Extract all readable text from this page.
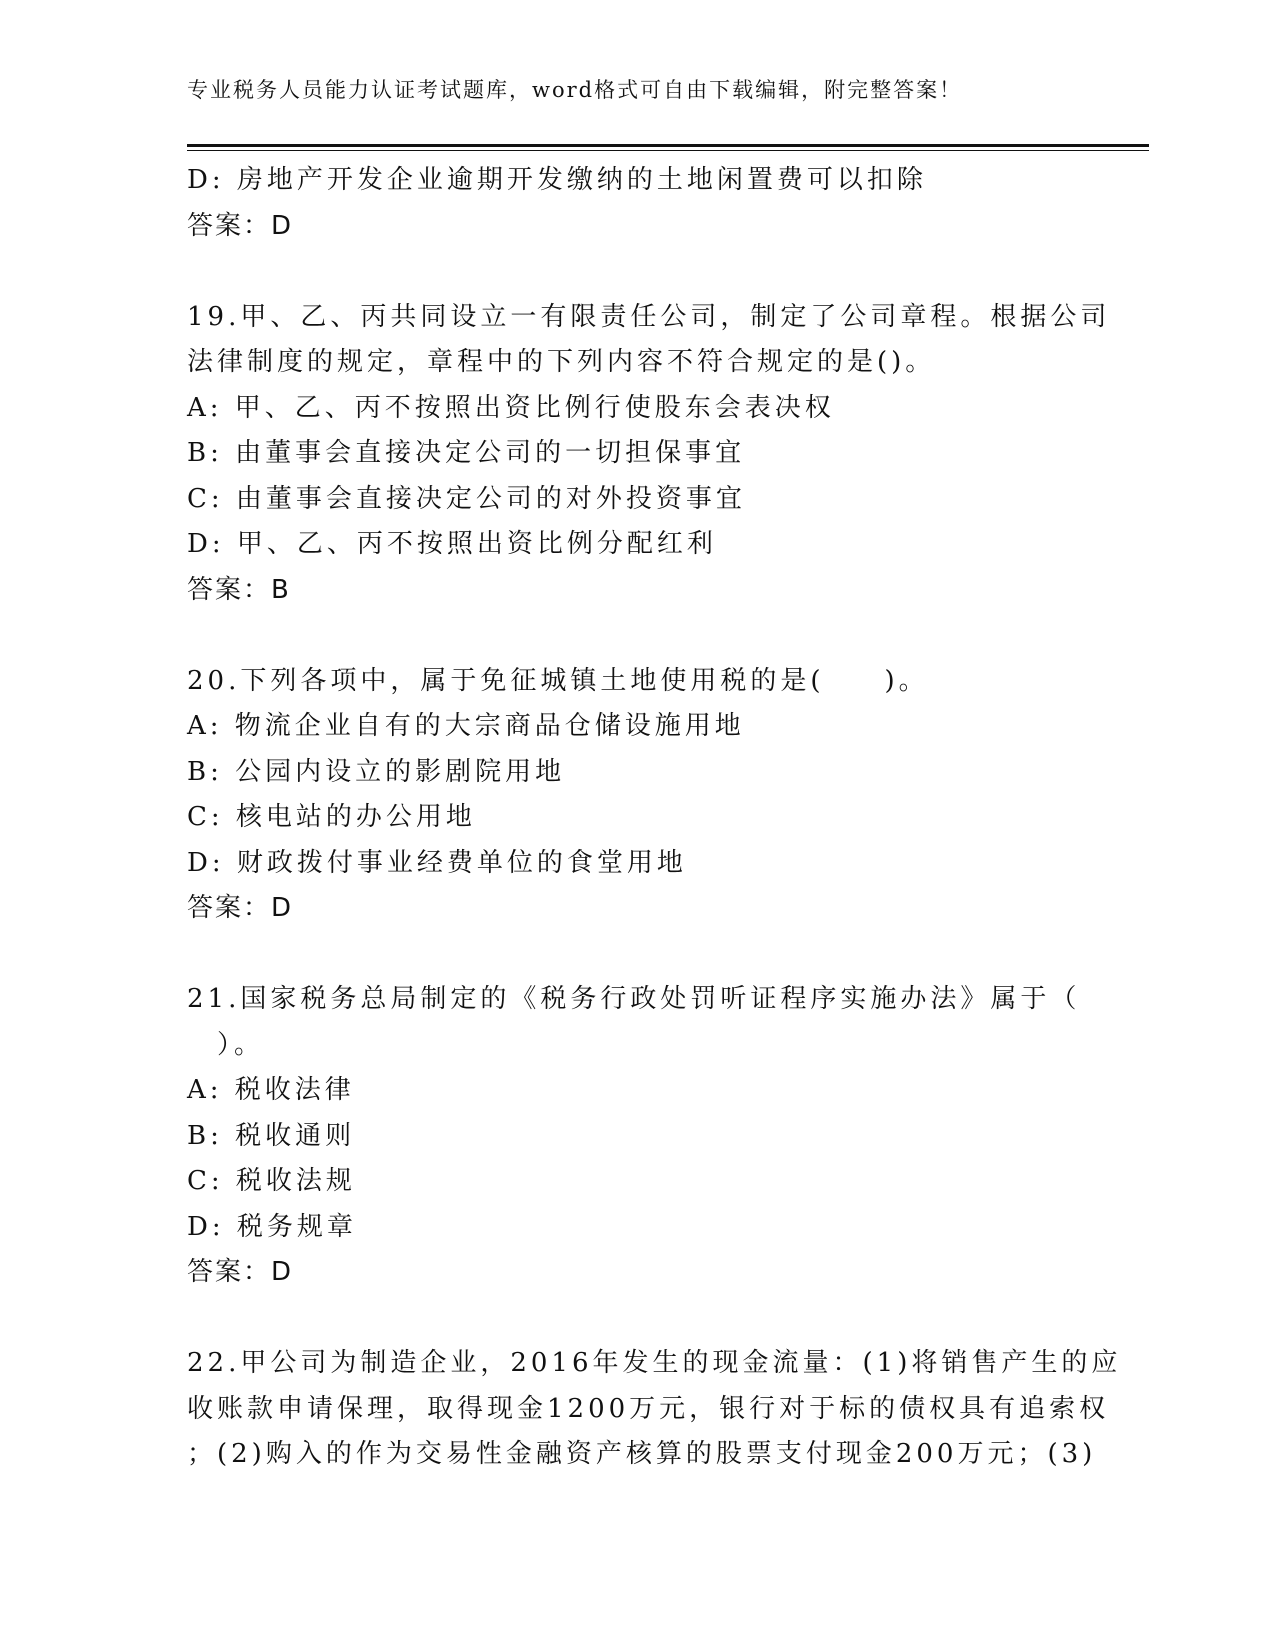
专业税务人员能力认证考试题库，word格式可自由下载编辑，附完整答案！
D: 房地产开发企业逾期开发缴纳的土地闲置费可以扣除
答案：D
19.甲、乙、丙共同设立一有限责任公司，制定了公司章程。根据公司
法律制度的规定，章程中的下列内容不符合规定的是()。
A: 甲、乙、丙不按照出资比例行使股东会表决权
B: 由董事会直接决定公司的一切担保事宜
C: 由董事会直接决定公司的对外投资事宜
D: 甲、乙、丙不按照出资比例分配红利
答案：B
20.下列各项中，属于免征城镇土地使用税的是(　　)。
A: 物流企业自有的大宗商品仓储设施用地
B: 公园内设立的影剧院用地
C: 核电站的办公用地
D: 财政拨付事业经费单位的食堂用地
答案：D
21.国家税务总局制定的《税务行政处罚听证程序实施办法》属于（
）。
A: 税收法律
B: 税收通则
C: 税收法规
D: 税务规章
答案：D
22.甲公司为制造企业，2016年发生的现金流量：(1)将销售产生的应
收账款申请保理，取得现金1200万元，银行对于标的债权具有追索权
；(2)购入的作为交易性金融资产核算的股票支付现金200万元；(3)
